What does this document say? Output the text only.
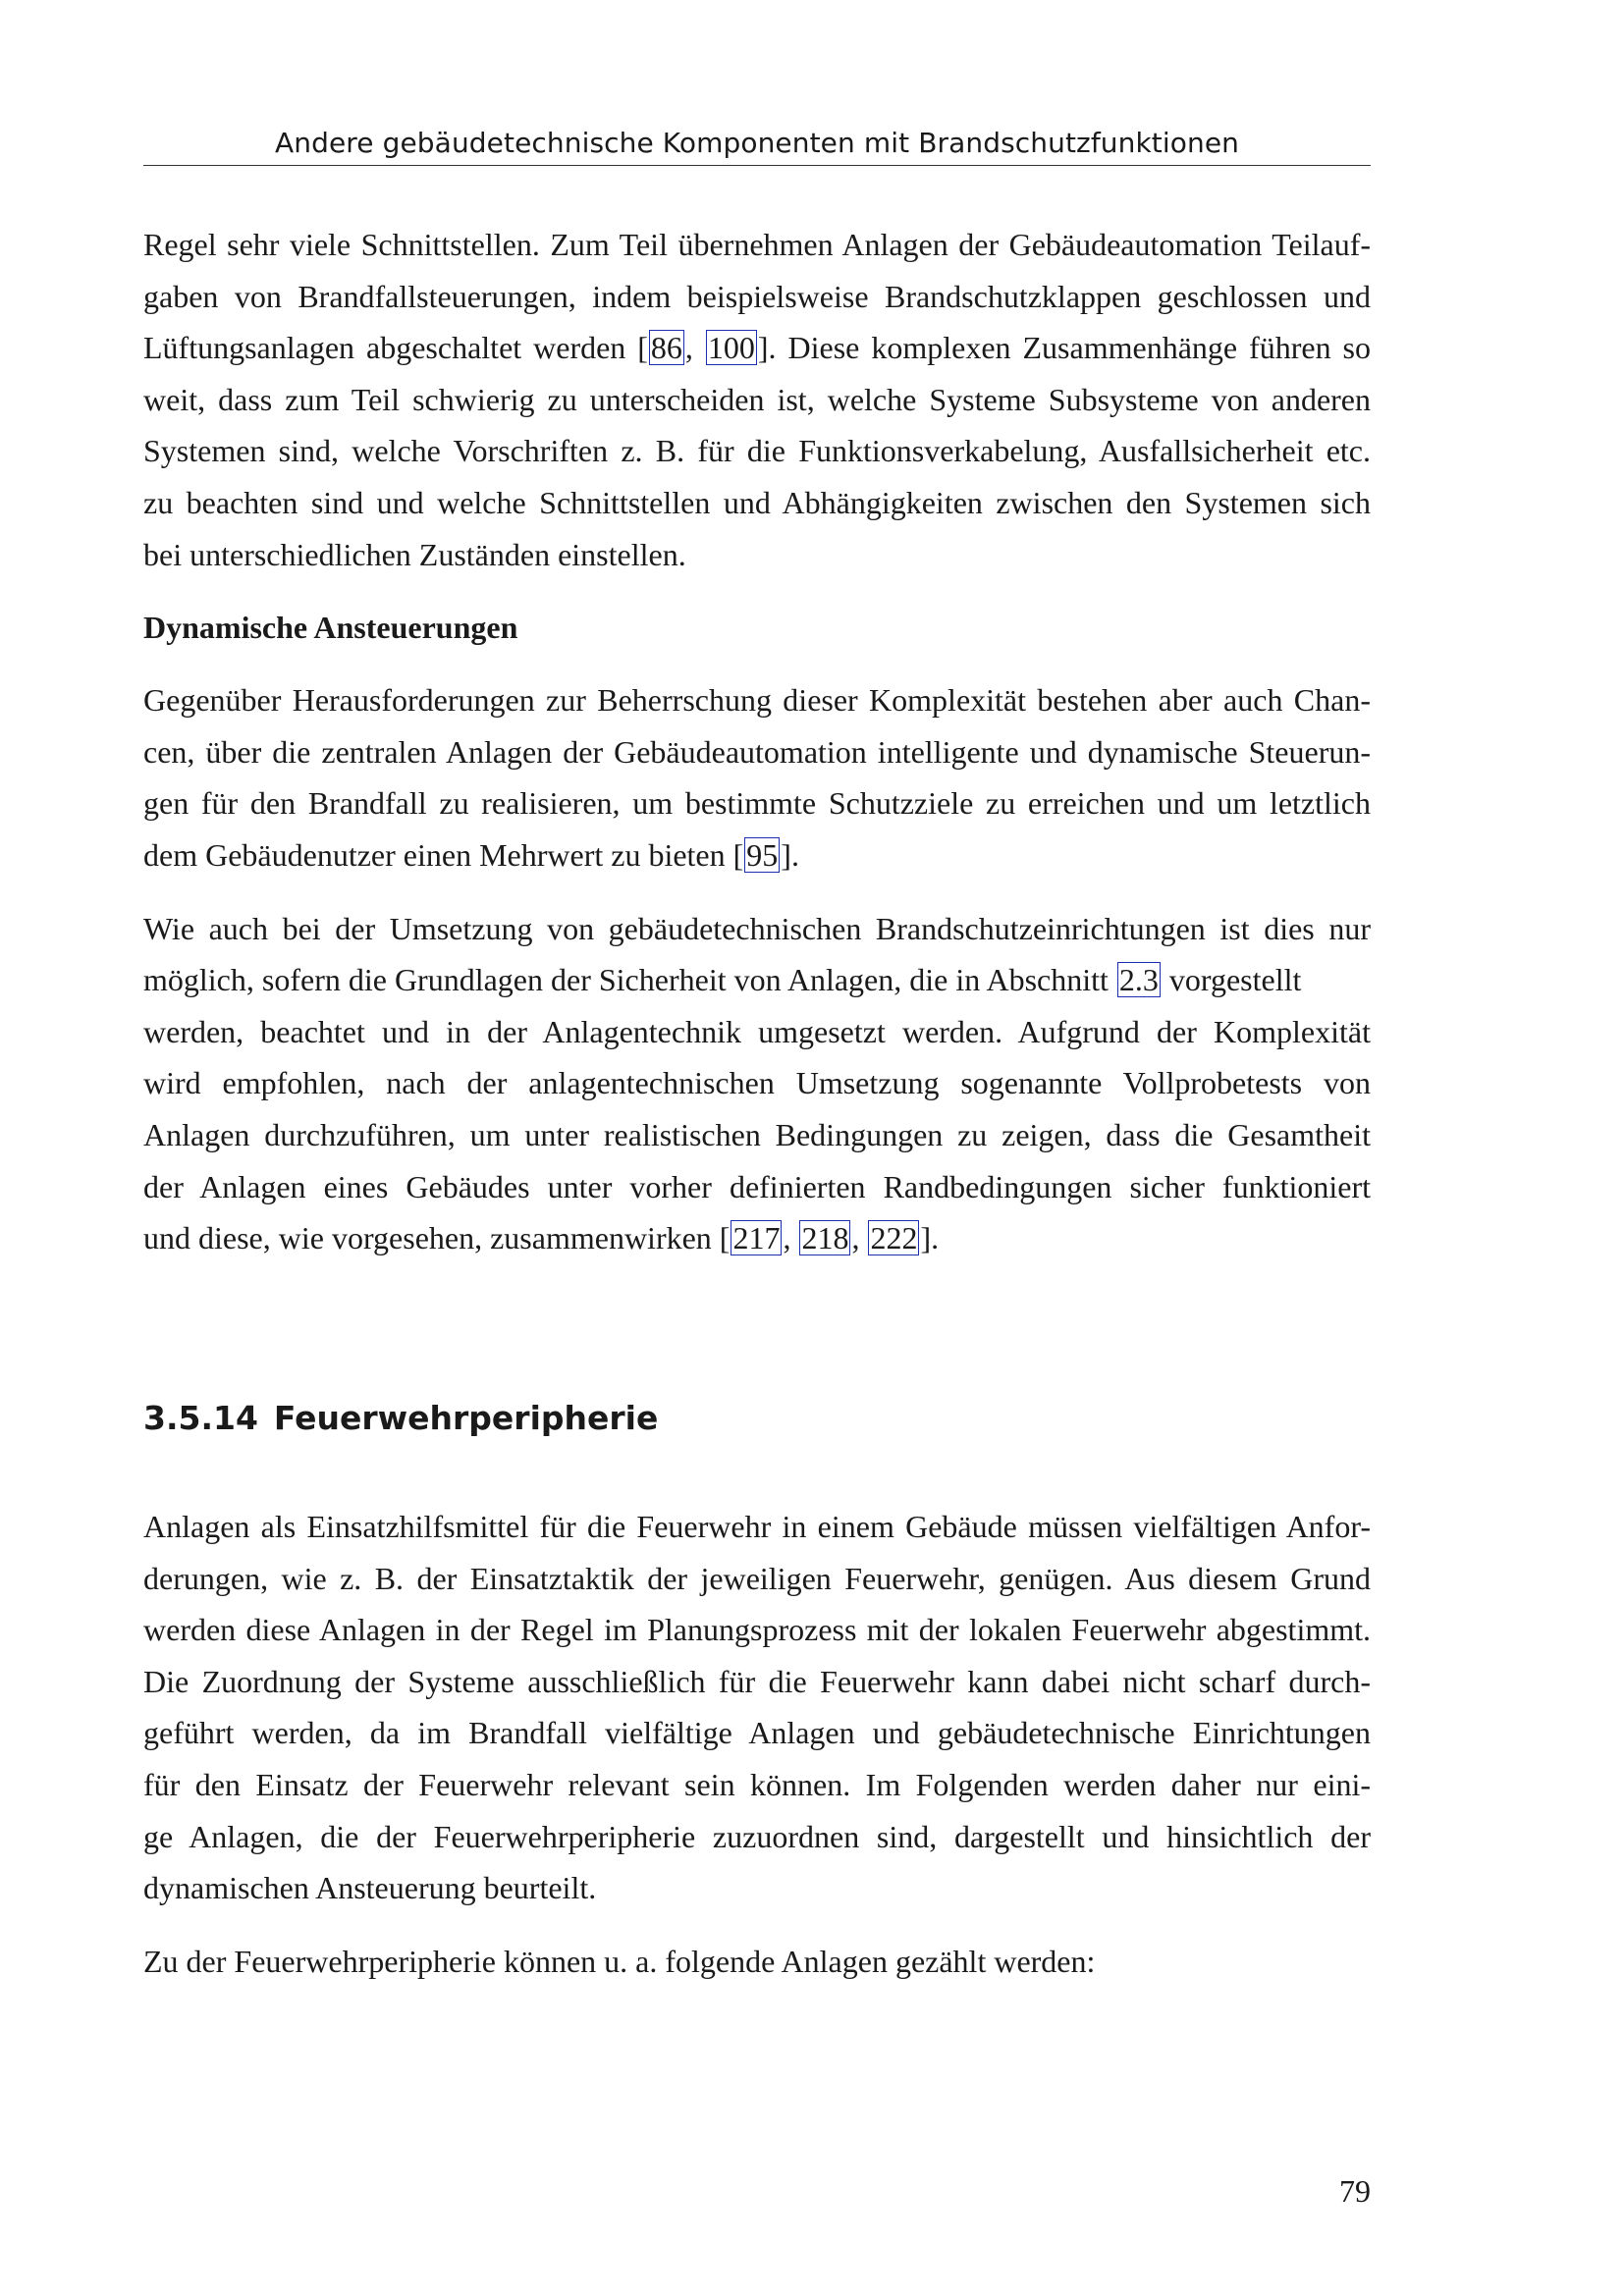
Andere gebäudetechnische Komponenten mit Brandschutzfunktionen
Regel sehr viele Schnittstellen. Zum Teil übernehmen Anlagen der Gebäudeautomation Teilauf-
gaben von Brandfallsteuerungen, indem beispielsweise Brandschutzklappen geschlossen und
Lüftungsanlagen abgeschaltet werden [86, 100]. Diese komplexen Zusammenhänge führen so
weit, dass zum Teil schwierig zu unterscheiden ist, welche Systeme Subsysteme von anderen
Systemen sind, welche Vorschriften z. B. für die Funktionsverkabelung, Ausfallsicherheit etc.
zu beachten sind und welche Schnittstellen und Abhängigkeiten zwischen den Systemen sich
bei unterschiedlichen Zuständen einstellen.
Dynamische Ansteuerungen
Gegenüber Herausforderungen zur Beherrschung dieser Komplexität bestehen aber auch Chan-
cen, über die zentralen Anlagen der Gebäudeautomation intelligente und dynamische Steuerun-
gen für den Brandfall zu realisieren, um bestimmte Schutzziele zu erreichen und um letztlich
dem Gebäudenutzer einen Mehrwert zu bieten [95].
Wie auch bei der Umsetzung von gebäudetechnischen Brandschutzeinrichtungen ist dies nur
möglich, sofern die Grundlagen der Sicherheit von Anlagen, die in Abschnitt 2.3 vorgestellt
werden, beachtet und in der Anlagentechnik umgesetzt werden. Aufgrund der Komplexität
wird empfohlen, nach der anlagentechnischen Umsetzung sogenannte Vollprobetests von
Anlagen durchzuführen, um unter realistischen Bedingungen zu zeigen, dass die Gesamtheit
der Anlagen eines Gebäudes unter vorher definierten Randbedingungen sicher funktioniert
und diese, wie vorgesehen, zusammenwirken [217, 218, 222].
3.5.14 Feuerwehrperipherie
Anlagen als Einsatzhilfsmittel für die Feuerwehr in einem Gebäude müssen vielfältigen Anfor-
derungen, wie z. B. der Einsatztaktik der jeweiligen Feuerwehr, genügen. Aus diesem Grund
werden diese Anlagen in der Regel im Planungsprozess mit der lokalen Feuerwehr abgestimmt.
Die Zuordnung der Systeme ausschließlich für die Feuerwehr kann dabei nicht scharf durch-
geführt werden, da im Brandfall vielfältige Anlagen und gebäudetechnische Einrichtungen
für den Einsatz der Feuerwehr relevant sein können. Im Folgenden werden daher nur eini-
ge Anlagen, die der Feuerwehrperipherie zuzuordnen sind, dargestellt und hinsichtlich der
dynamischen Ansteuerung beurteilt.
Zu der Feuerwehrperipherie können u. a. folgende Anlagen gezählt werden:
79
